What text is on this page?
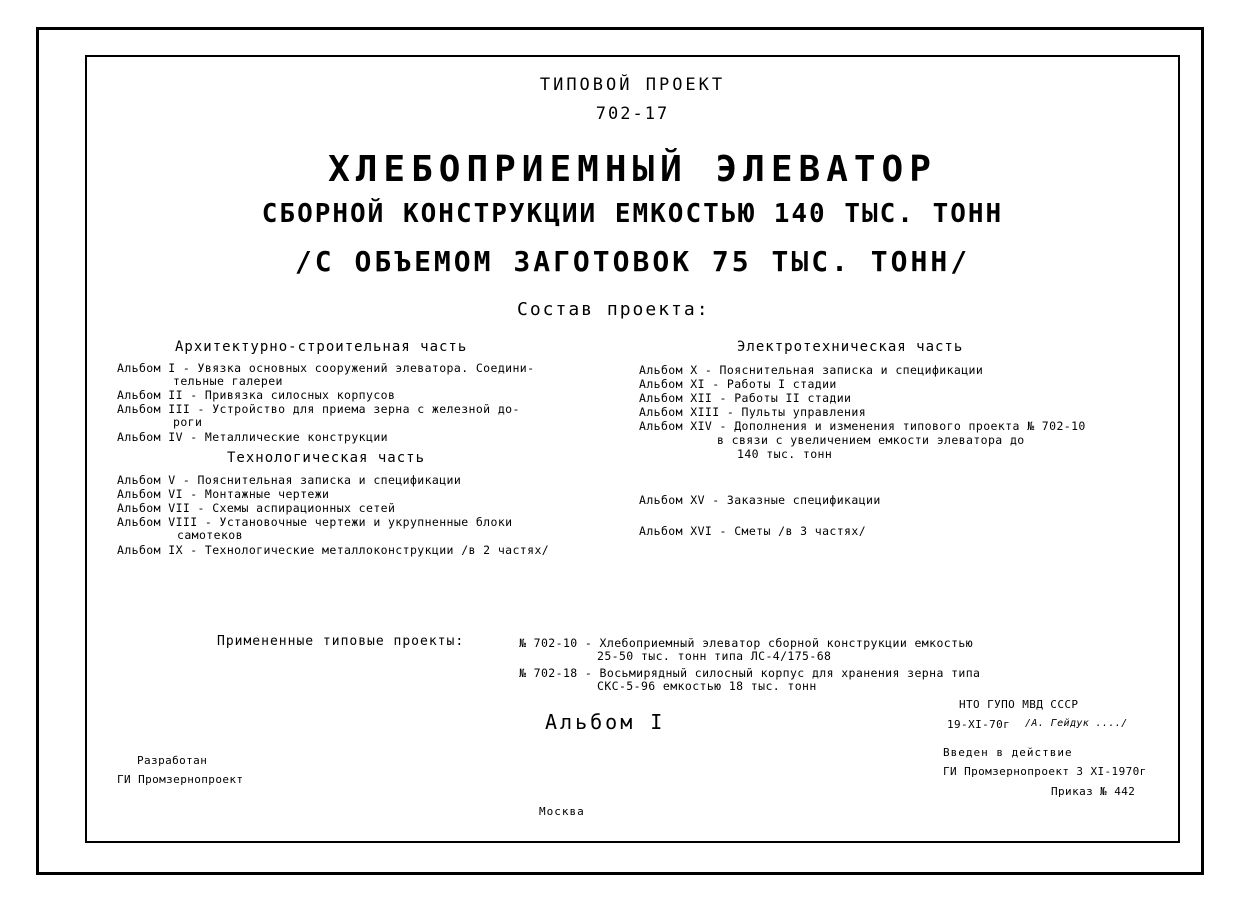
ТИПОВОЙ ПРОЕКТ
702-17
ХЛЕБОПРИЕМНЫЙ ЭЛЕВАТОР
СБОРНОЙ КОНСТРУКЦИИ ЕМКОСТЬЮ 140 ТЫС. ТОНН
/С ОБЪЕМОМ ЗАГОТОВОК 75 ТЫС. ТОНН/
Состав проекта:
Архитектурно-строительная часть
Альбом I - Увязка основных сооружений элеватора. Соедини-
тельные галереи
Альбом II - Привязка силосных корпусов
Альбом III - Устройство для приема зерна с железной до-
роги
Альбом IV - Металлические конструкции
Технологическая часть
Альбом V - Пояснительная записка и спецификации
Альбом VI - Монтажные чертежи
Альбом VII - Схемы аспирационных сетей
Альбом VIII - Установочные чертежи и укрупненные блоки
самотеков
Альбом IX - Технологические металлоконструкции /в 2 частях/
Электротехническая часть
Альбом X - Пояснительная записка и спецификации
Альбом XI - Работы I стадии
Альбом XII - Работы II стадии
Альбом XIII - Пульты управления
Альбом XIV - Дополнения и изменения типового проекта № 702-10
в связи с увеличением емкости элеватора до
140 тыс. тонн
Альбом XV - Заказные спецификации
Альбом XVI - Сметы /в 3 частях/
Примененные типовые проекты:	№ 702-10 - Хлебоприемный элеватор сборной конструкции емкостью
25-50 тыс. тонн типа ЛС-4/175-68
№ 702-18 - Восьмирядный силосный корпус для хранения зерна типа
СКС-5-96 емкостью 18 тыс. тонн
Альбом I
НТО ГУПО МВД СССР
19-XI-70г /А. Гейдук ..../
Введен в действие
ГИ Промзернопроект 3 XI-1970г
Приказ № 442
Разработан
ГИ Промзернопроект
Москва
